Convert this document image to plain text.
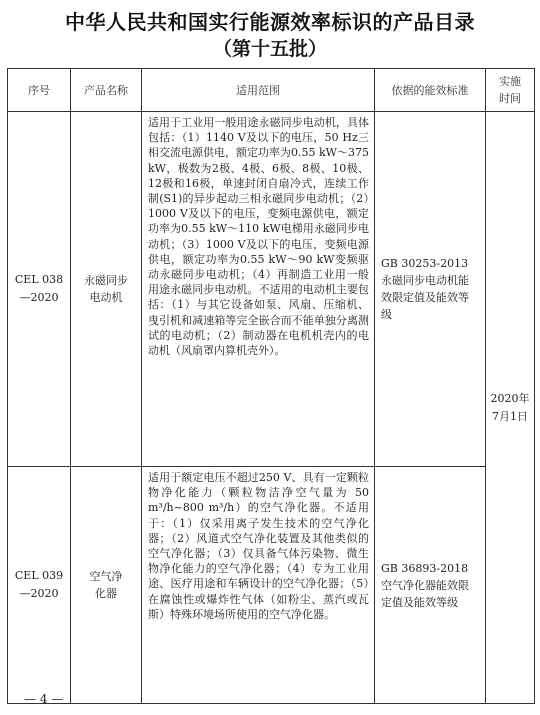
中华人民共和国实行能源效率标识的产品目录
（第十五批）
序号	产品名称	适用范围	依据的能效标准	实施
时间
CEL 038
—2020	永磁同步
电动机	适用于工业用一般用途永磁同步电动机，具体包括：（1）1140 V及以下的电压，50 Hz三相交流电源供电，额定功率为0.55 kW～375 kW，极数为2极、4极、6极、8极、10极、12极和16极，单速封闭自扇冷式，连续工作制(S1)的异步起动三相永磁同步电动机；（2）1000 V及以下的电压，变频电源供电，额定功率为0.55 kW～110 kW电梯用永磁同步电动机；（3）1000 V及以下的电压，变频电源供电，额定功率为0.55 kW～90 kW变频驱动永磁同步电动机；（4）再制造工业用一般用途永磁同步电动机。不适用的电动机主要包括：（1）与其它设备如泵、风扇、压缩机、曳引机和减速箱等完全嵌合而不能单独分离测试的电动机；（2）制动器在电机机壳内的电动机（风扇罩内算机壳外）。	GB 30253-2013
永磁同步电动机能效限定值及能效等级	2020年
7月1日
CEL 039
—2020	空气净
化器	适用于额定电压不超过250 V、具有一定颗粒物净化能力（颗粒物洁净空气量为 50 m³/h~800 m³/h）的空气净化器。不适用于：（1）仅采用离子发生技术的空气净化器；（2）风道式空气净化装置及其他类似的空气净化器；（3）仅具备气体污染物、微生物净化能力的空气净化器；（4）专为工业用途、医疗用途和车辆设计的空气净化器；（5）在腐蚀性或爆炸性气体（如粉尘、蒸汽或瓦斯）特殊环境场所使用的空气净化器。	GB 36893-2018
空气净化器能效限定值及能效等级	
— 4 —
